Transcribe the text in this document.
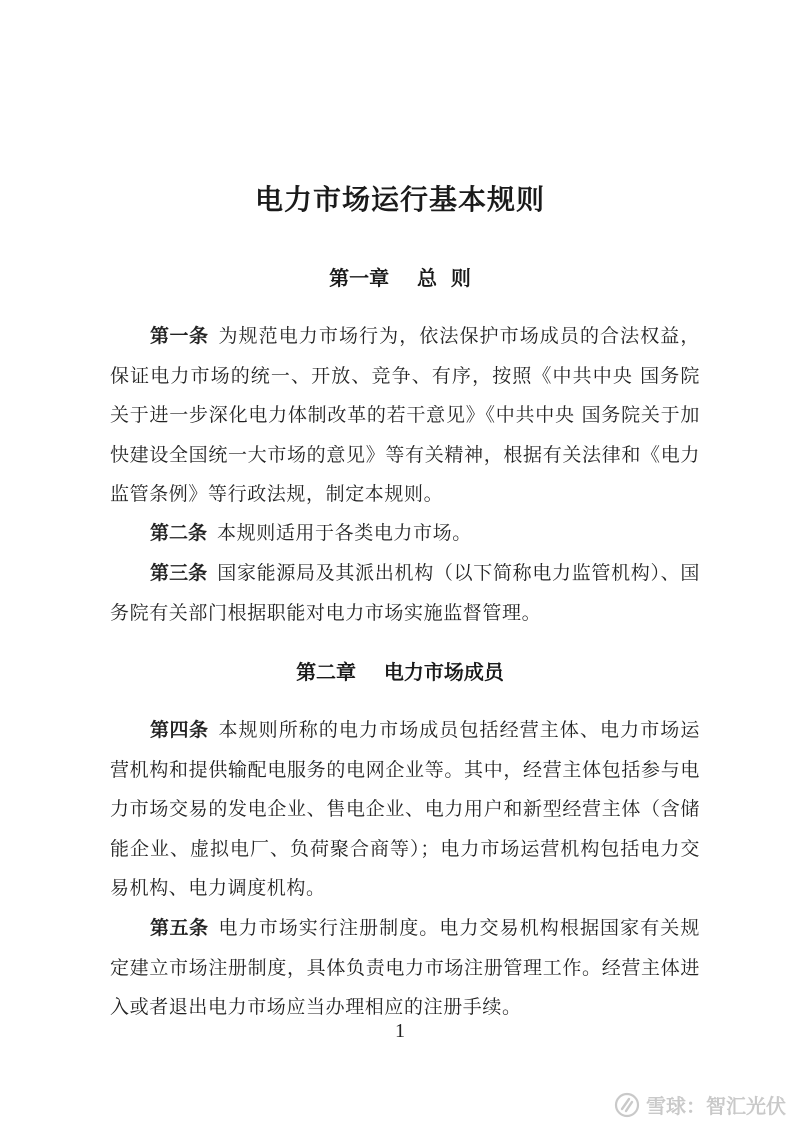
电力市场运行基本规则
第一章    总  则

第一条 为规范电力市场行为，依法保护市场成员的合法权益，保证电力市场的统一、开放、竞争、有序，按照《中共中央 国务院关于进一步深化电力体制改革的若干意见》《中共中央 国务院关于加快建设全国统一大市场的意见》等有关精神，根据有关法律和《电力监管条例》等行政法规，制定本规则。

第二条 本规则适用于各类电力市场。

第三条 国家能源局及其派出机构（以下简称电力监管机构）、国务院有关部门根据职能对电力市场实施监督管理。

第二章    电力市场成员

第四条 本规则所称的电力市场成员包括经营主体、电力市场运营机构和提供输配电服务的电网企业等。其中，经营主体包括参与电力市场交易的发电企业、售电企业、电力用户和新型经营主体（含储能企业、虚拟电厂、负荷聚合商等）；电力市场运营机构包括电力交易机构、电力调度机构。

第五条 电力市场实行注册制度。电力交易机构根据国家有关规定建立市场注册制度，具体负责电力市场注册管理工作。经营主体进入或者退出电力市场应当办理相应的注册手续。

1
雪球：智汇光伏
